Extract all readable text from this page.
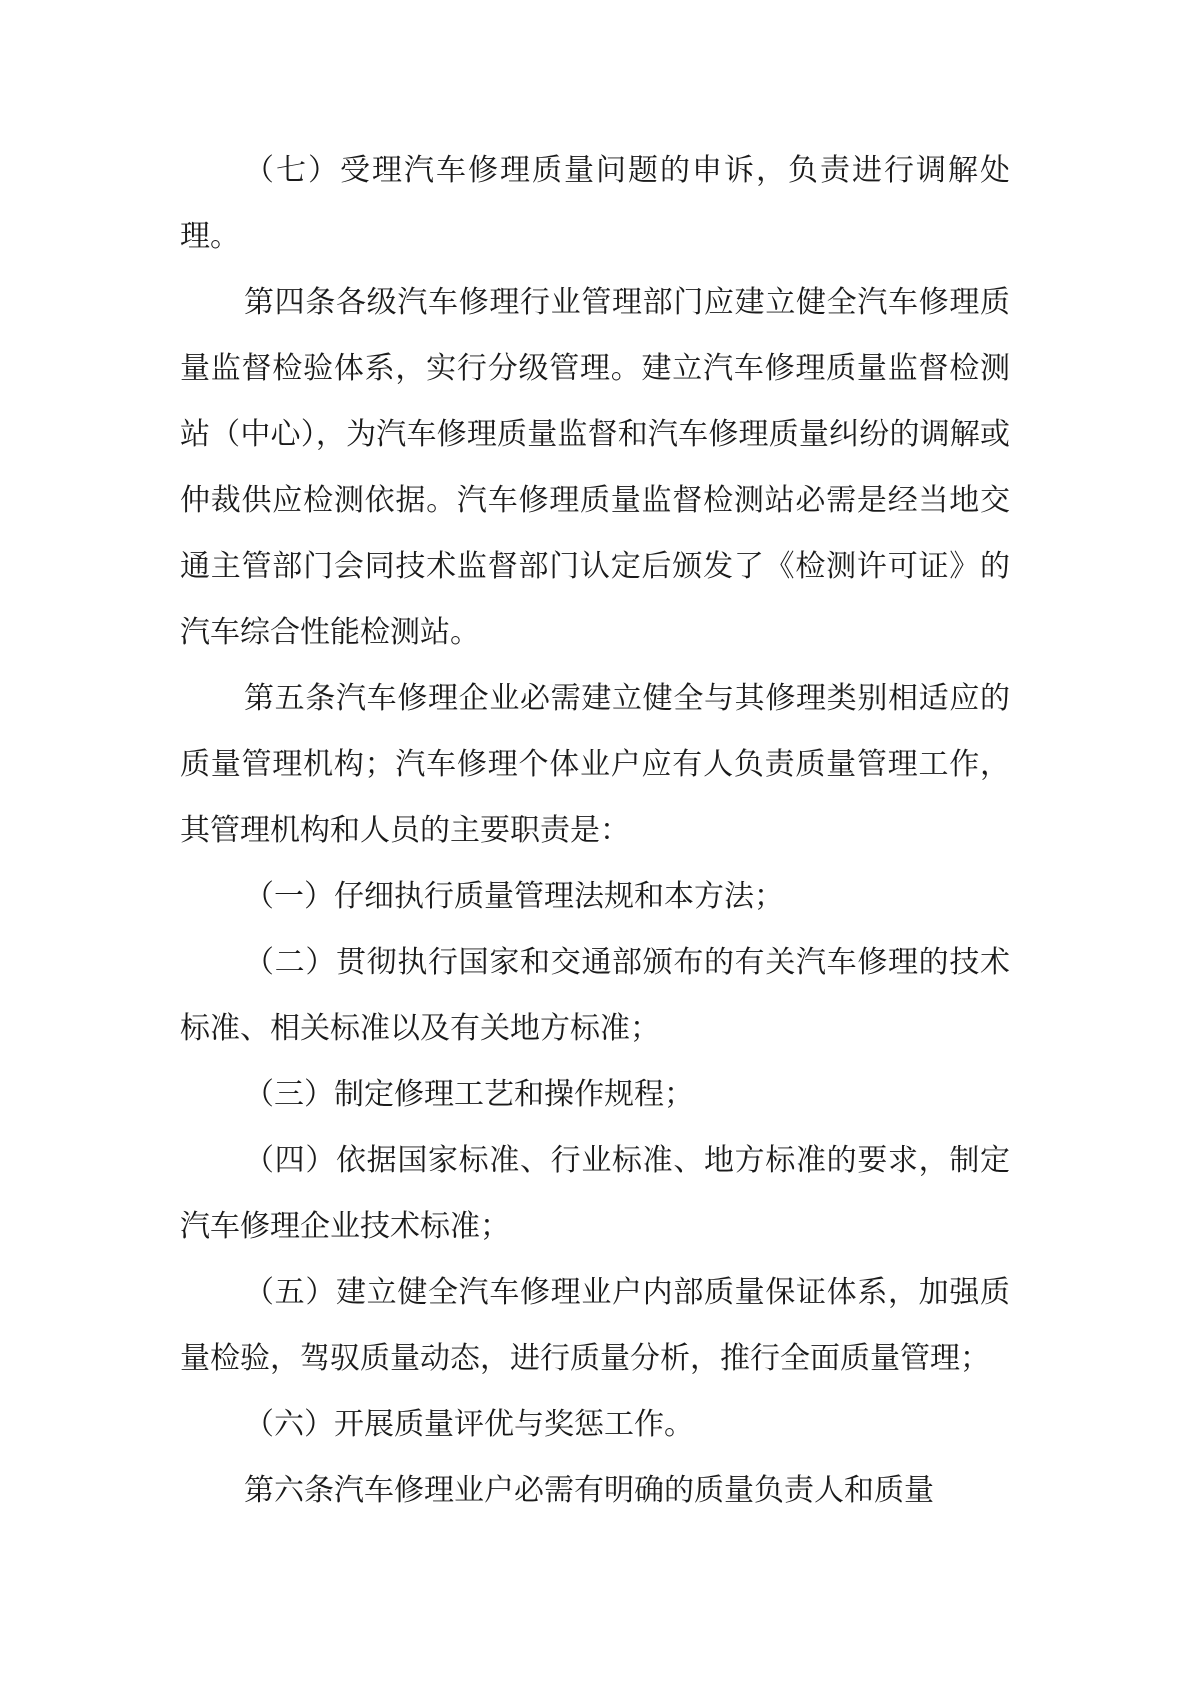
（七）受理汽车修理质量问题的申诉，负责进行调解处理。

第四条各级汽车修理行业管理部门应建立健全汽车修理质量监督检验体系，实行分级管理。建立汽车修理质量监督检测站（中心），为汽车修理质量监督和汽车修理质量纠纷的调解或仲裁供应检测依据。汽车修理质量监督检测站必需是经当地交通主管部门会同技术监督部门认定后颁发了《检测许可证》的汽车综合性能检测站。

第五条汽车修理企业必需建立健全与其修理类别相适应的质量管理机构；汽车修理个体业户应有人负责质量管理工作，其管理机构和人员的主要职责是：

（一）仔细执行质量管理法规和本方法；

（二）贯彻执行国家和交通部颁布的有关汽车修理的技术标准、相关标准以及有关地方标准；

（三）制定修理工艺和操作规程；

（四）依据国家标准、行业标准、地方标准的要求，制定汽车修理企业技术标准；

（五）建立健全汽车修理业户内部质量保证体系，加强质量检验，驾驭质量动态，进行质量分析，推行全面质量管理；

（六）开展质量评优与奖惩工作。

第六条汽车修理业户必需有明确的质量负责人和质量
